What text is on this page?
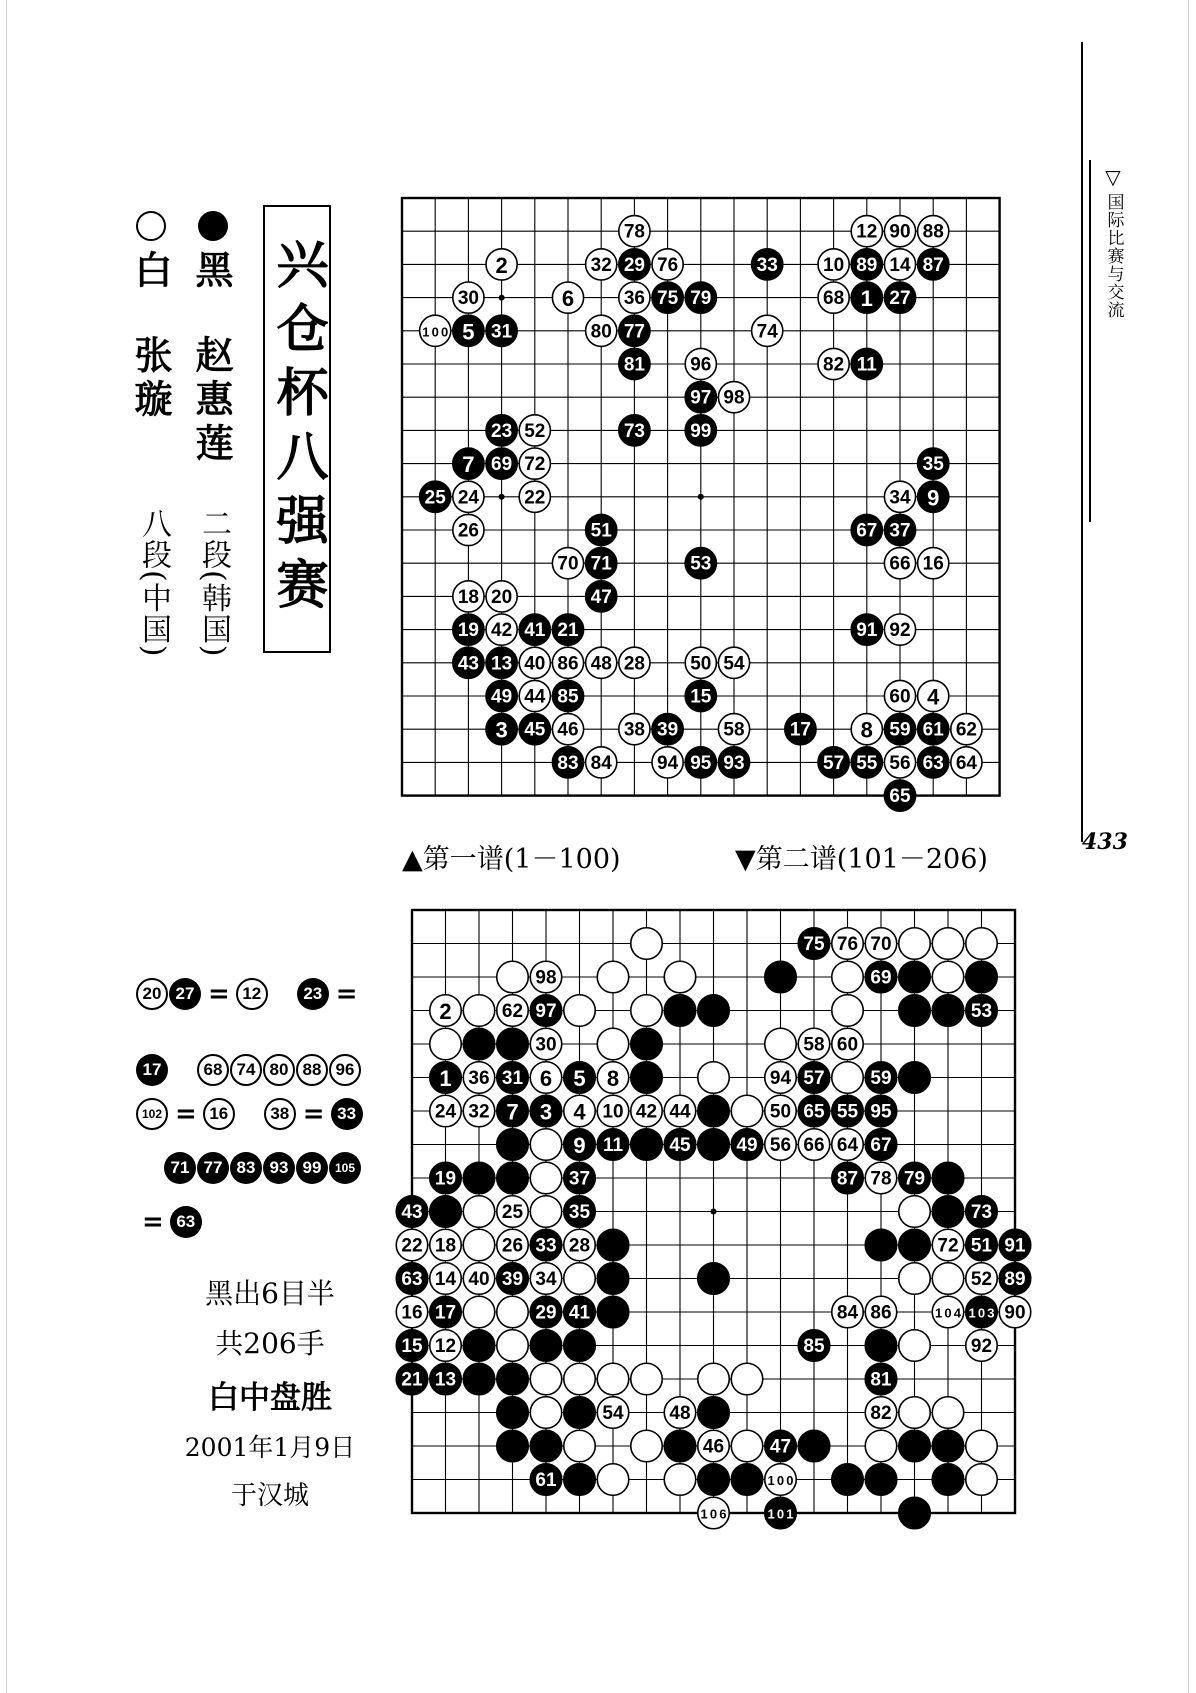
兴仓杯八强赛
黑
赵惠莲
二段(韩国)
白
张璇
八段(中国)
▽
国际比赛与交流
433
78	12 90 88
2	32 29 76	33 10 89 14 87
30	6	36 75 79	68 1 27
100 5 31	80 77	74
81 96	82 11
97 98
23 52	73 99
7 69 72	35
25 24 22	34 9
26	51	67 37
70 71	53	66 16
18 20	47
19 42 41 21	91 92
43 13 40 86 48 28 50 54
49 44 85	15	60 4
3 45 46 38 39 58 17 8 59 61 62
83 84 94 95 93	57 55 56 63 64
65
▲第一谱(1－100)	▼第二谱(101－206)
75 76 70
98	69
2	62 97	53
30	58 60
1 36 31 6 5 8	94 57 59
24 32 7 3 4 10 42 44	50 65 55 95
9 11 45 49 56 66 64 67
19	37	87 78 79
43	25 35	73
22 18 26 33 28	72 51 91
63 14 40 39 34	52 89
16 17	29 41	84 86	104 103 90
15 12	85	92
21 13	81
54 48	82
46 47
61	100
106	101
20 27 = 12	23 =
17	68 74 80 88 96
102 = 16	38 = 33
71 77 83 93 99	105
= 63
黑出6目半
共206手
白中盘胜
2001年1月9日
于汉城
